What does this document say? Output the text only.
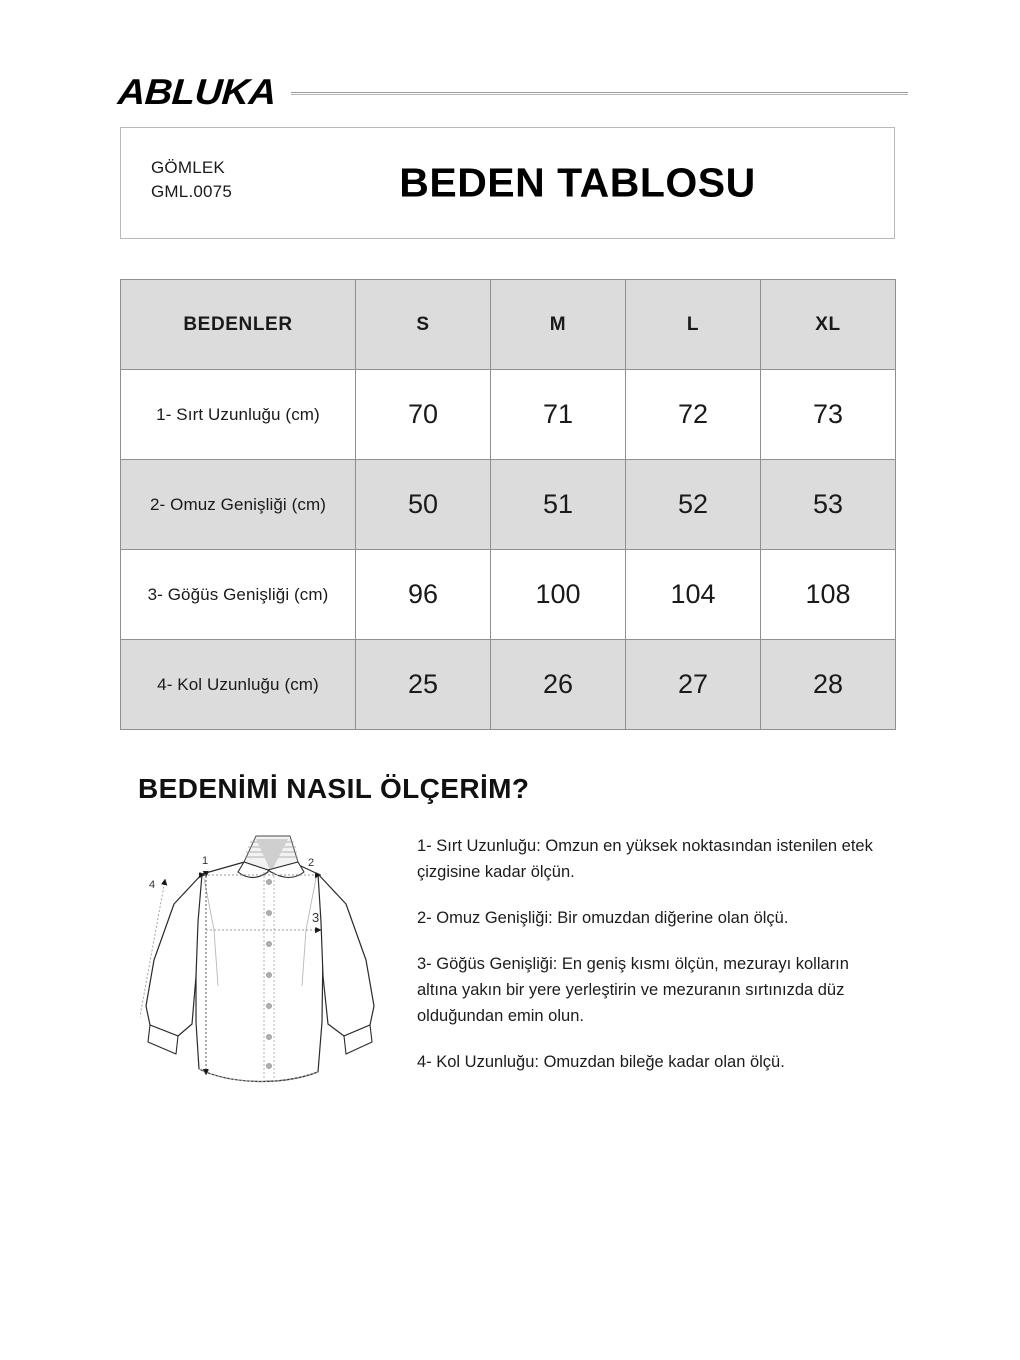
ABLUKA
GÖMLEK
GML.0075	BEDEN TABLOSU
BEDENLER	S	M	L	XL
1- Sırt Uzunluğu (cm)	70	71	72	73
2- Omuz Genişliği (cm)	50	51	52	53
3- Göğüs Genişliği (cm)	96	100	104	108
4- Kol Uzunluğu (cm)	25	26	27	28
BEDENİMİ NASIL ÖLÇERİM?
1	2
3
4

1- Sırt Uzunluğu: Omzun en yüksek noktasından istenilen etek çizgisine kadar ölçün.

2- Omuz Genişliği: Bir omuzdan diğerine olan ölçü.

3- Göğüs Genişliği: En geniş kısmı ölçün, mezurayı kolların altına yakın bir yere yerleştirin ve mezuranın sırtınızda düz olduğundan emin olun.

4- Kol Uzunluğu: Omuzdan bileğe kadar olan ölçü.
